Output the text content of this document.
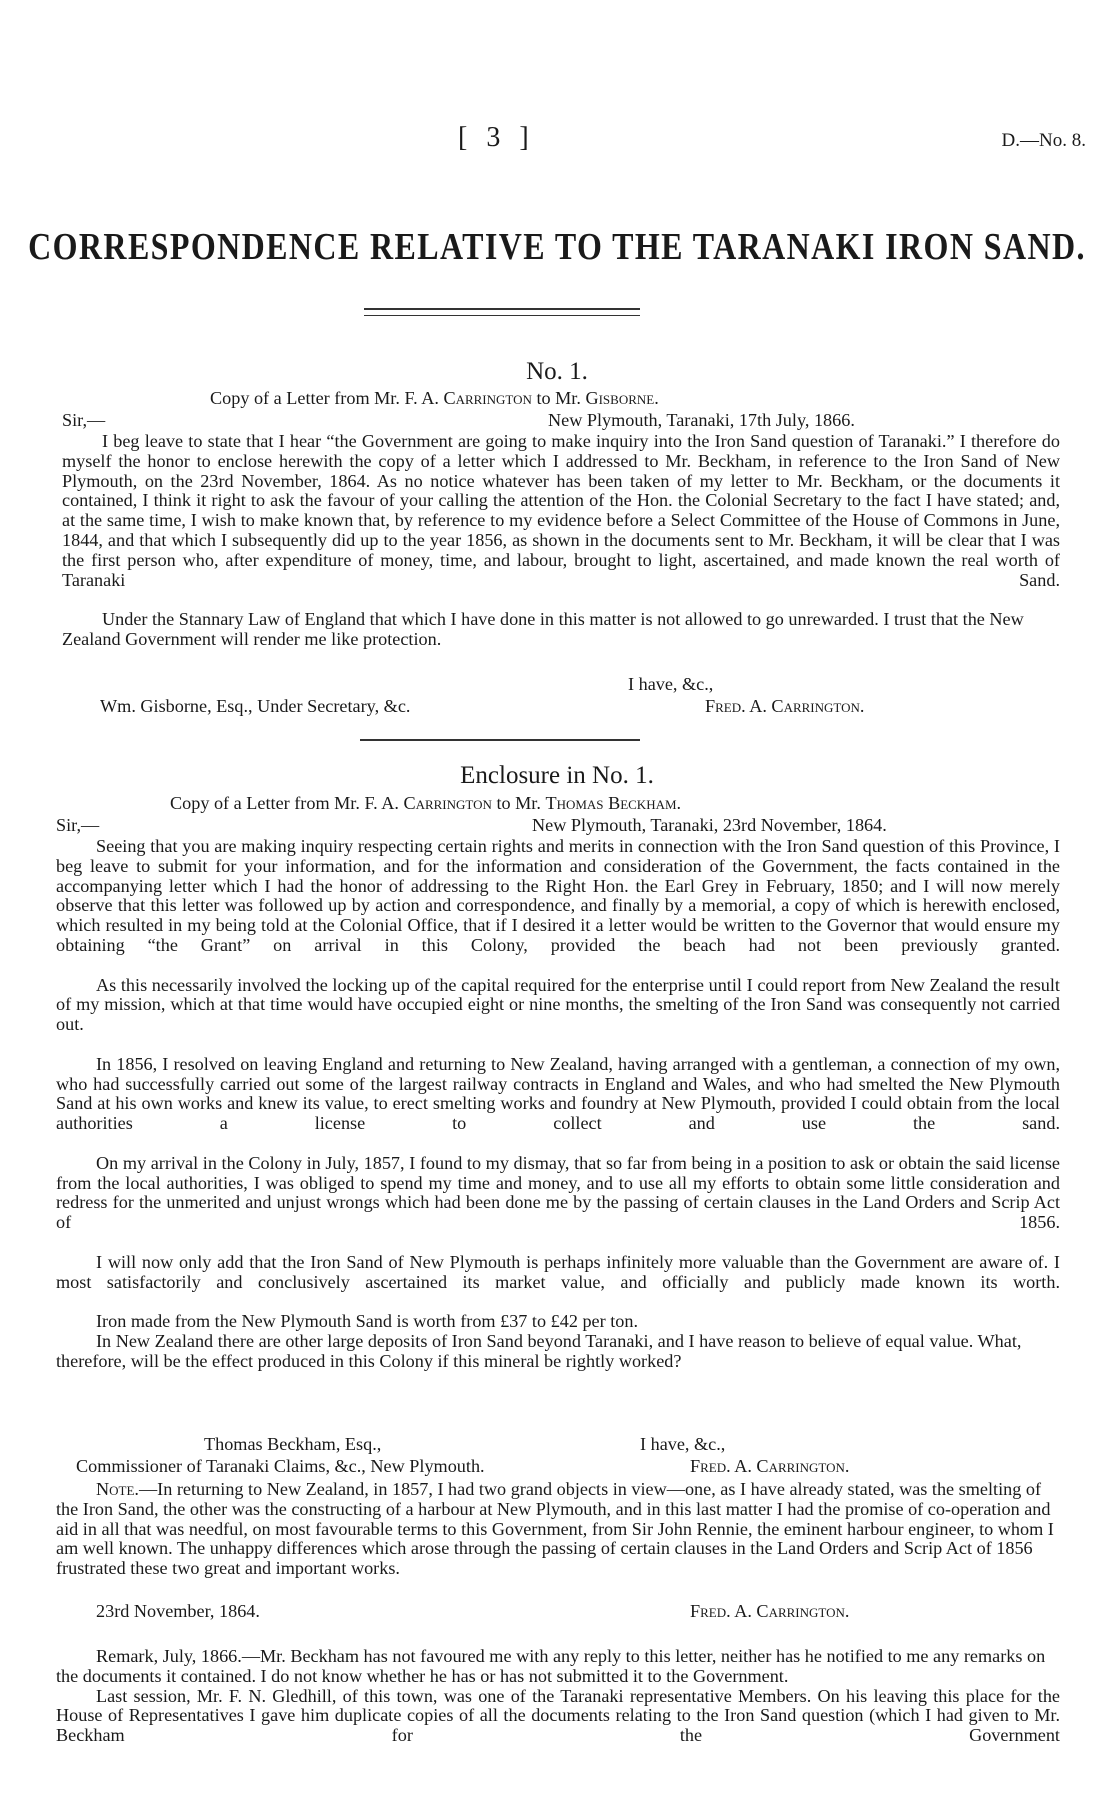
[ 3 ]	D.—No. 8.
CORRESPONDENCE RELATIVE TO THE TARANAKI IRON SAND.
No. 1.
Copy of a Letter from Mr. F. A. Carrington to Mr. Gisborne.
Sir,—	New Plymouth, Taranaki, 17th July, 1866.

I beg leave to state that I hear “the Government are going to make inquiry into the Iron Sand question of Taranaki.” I therefore do myself the honor to enclose herewith the copy of a letter which I addressed to Mr. Beckham, in reference to the Iron Sand of New Plymouth, on the 23rd November, 1864. As no notice whatever has been taken of my letter to Mr. Beckham, or the documents it contained, I think it right to ask the favour of your calling the attention of the Hon. the Colonial Secretary to the fact I have stated; and, at the same time, I wish to make known that, by reference to my evidence before a Select Committee of the House of Commons in June, 1844, and that which I subsequently did up to the year 1856, as shown in the documents sent to Mr. Beckham, it will be clear that I was the first person who, after expenditure of money, time, and labour, brought to light, ascertained, and made known the real worth of Taranaki Sand.

Under the Stannary Law of England that which I have done in this matter is not allowed to go unrewarded. I trust that the New Zealand Government will render me like protection.

I have, &c.,
Wm. Gisborne, Esq., Under Secretary, &c.	Fred. A. Carrington.
Enclosure in No. 1.
Copy of a Letter from Mr. F. A. Carrington to Mr. Thomas Beckham.
Sir,—	New Plymouth, Taranaki, 23rd November, 1864.

Seeing that you are making inquiry respecting certain rights and merits in connection with the Iron Sand question of this Province, I beg leave to submit for your information, and for the information and consideration of the Government, the facts contained in the accompanying letter which I had the honor of addressing to the Right Hon. the Earl Grey in February, 1850; and I will now merely observe that this letter was followed up by action and correspondence, and finally by a memorial, a copy of which is herewith enclosed, which resulted in my being told at the Colonial Office, that if I desired it a letter would be written to the Governor that would ensure my obtaining “the Grant” on arrival in this Colony, provided the beach had not been previously granted.

As this necessarily involved the locking up of the capital required for the enterprise until I could report from New Zealand the result of my mission, which at that time would have occupied eight or nine months, the smelting of the Iron Sand was consequently not carried out.

In 1856, I resolved on leaving England and returning to New Zealand, having arranged with a gentleman, a connection of my own, who had successfully carried out some of the largest railway contracts in England and Wales, and who had smelted the New Plymouth Sand at his own works and knew its value, to erect smelting works and foundry at New Plymouth, provided I could obtain from the local authorities a license to collect and use the sand.

On my arrival in the Colony in July, 1857, I found to my dismay, that so far from being in a position to ask or obtain the said license from the local authorities, I was obliged to spend my time and money, and to use all my efforts to obtain some little consideration and redress for the unmerited and unjust wrongs which had been done me by the passing of certain clauses in the Land Orders and Scrip Act of 1856.

I will now only add that the Iron Sand of New Plymouth is perhaps infinitely more valuable than the Government are aware of. I most satisfactorily and conclusively ascertained its market value, and officially and publicly made known its worth.

Iron made from the New Plymouth Sand is worth from £37 to £42 per ton.

In New Zealand there are other large deposits of Iron Sand beyond Taranaki, and I have reason to believe of equal value. What, therefore, will be the effect produced in this Colony if this mineral be rightly worked?

Thomas Beckham, Esq.,	I have, &c.,
Commissioner of Taranaki Claims, &c., New Plymouth.	Fred. A. Carrington.

Note.—In returning to New Zealand, in 1857, I had two grand objects in view—one, as I have already stated, was the smelting of the Iron Sand, the other was the constructing of a harbour at New Plymouth, and in this last matter I had the promise of co-operation and aid in all that was needful, on most favourable terms to this Government, from Sir John Rennie, the eminent harbour engineer, to whom I am well known. The unhappy differences which arose through the passing of certain clauses in the Land Orders and Scrip Act of 1856 frustrated these two great and important works.

23rd November, 1864.	Fred. A. Carrington.

Remark, July, 1866.—Mr. Beckham has not favoured me with any reply to this letter, neither has he notified to me any remarks on the documents it contained. I do not know whether he has or has not submitted it to the Government.

Last session, Mr. F. N. Gledhill, of this town, was one of the Taranaki representative Members. On his leaving this place for the House of Representatives I gave him duplicate copies of all the documents relating to the Iron Sand question (which I had given to Mr. Beckham for the Government
